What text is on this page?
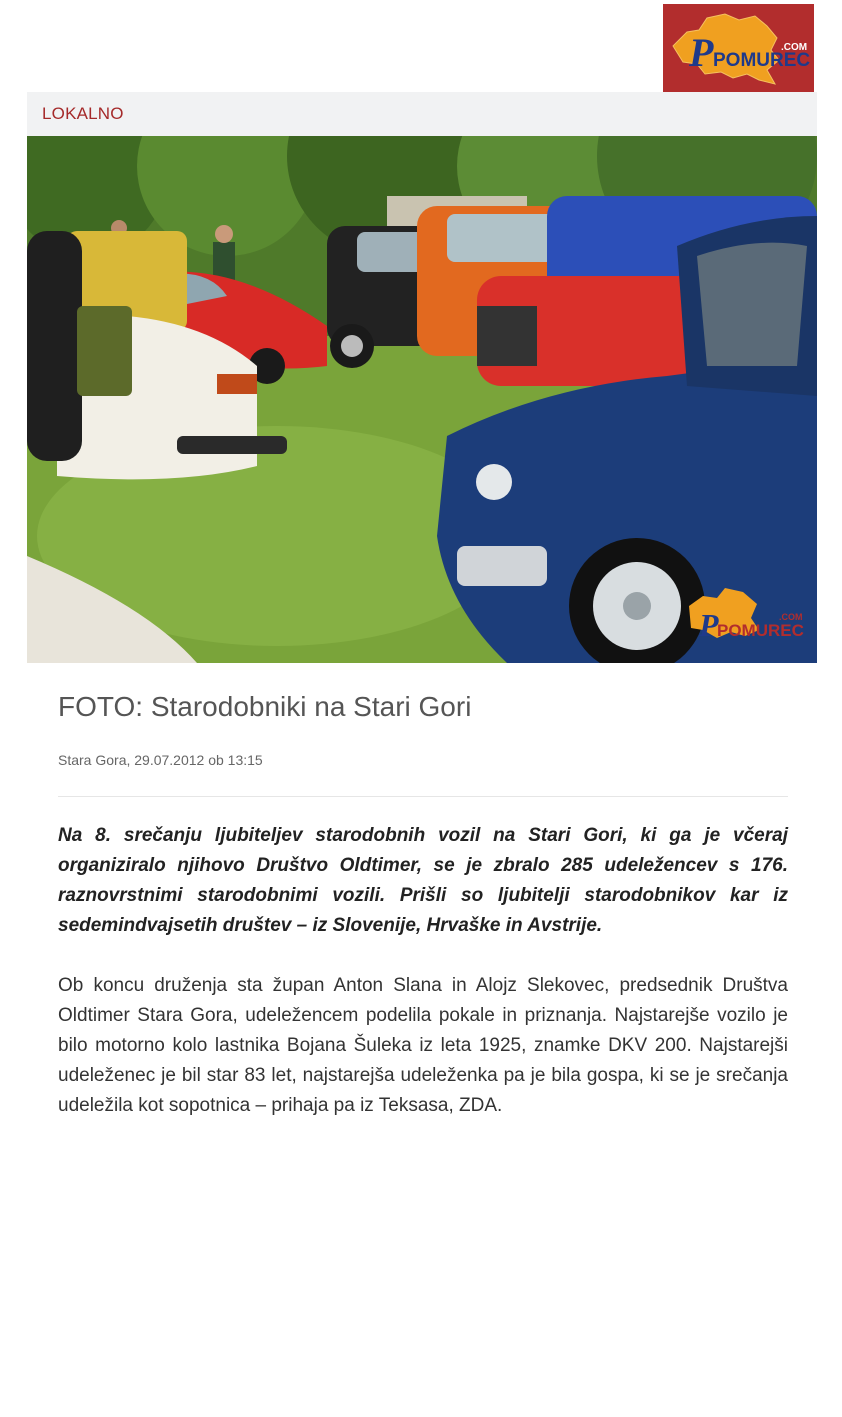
P POMUREC
.COM
LOKALNO
P
POMUREC
.COM
FOTO: Starodobniki na Stari Gori
Stara Gora, 29.07.2012 ob 13:15

Na 8. srečanju ljubiteljev starodobnih vozil na Stari Gori, ki ga je včeraj organiziralo njihovo Društvo Oldtimer, se je zbralo 285 udeležencev s 176. raznovrstnimi starodobnimi vozili. Prišli so ljubitelji starodobnikov kar iz sedemindvajsetih društev – iz Slovenije, Hrvaške in Avstrije.

Ob koncu druženja sta župan Anton Slana in Alojz Slekovec, predsednik Društva Oldtimer Stara Gora, udeležencem podelila pokale in priznanja. Najstarejše vozilo je bilo motorno kolo lastnika Bojana Šuleka iz leta 1925, znamke DKV 200. Najstarejši udeleženec je bil star 83 let, najstarejša udeleženka pa je bila gospa, ki se je srečanja udeležila kot sopotnica – prihaja pa iz Teksasa, ZDA.
